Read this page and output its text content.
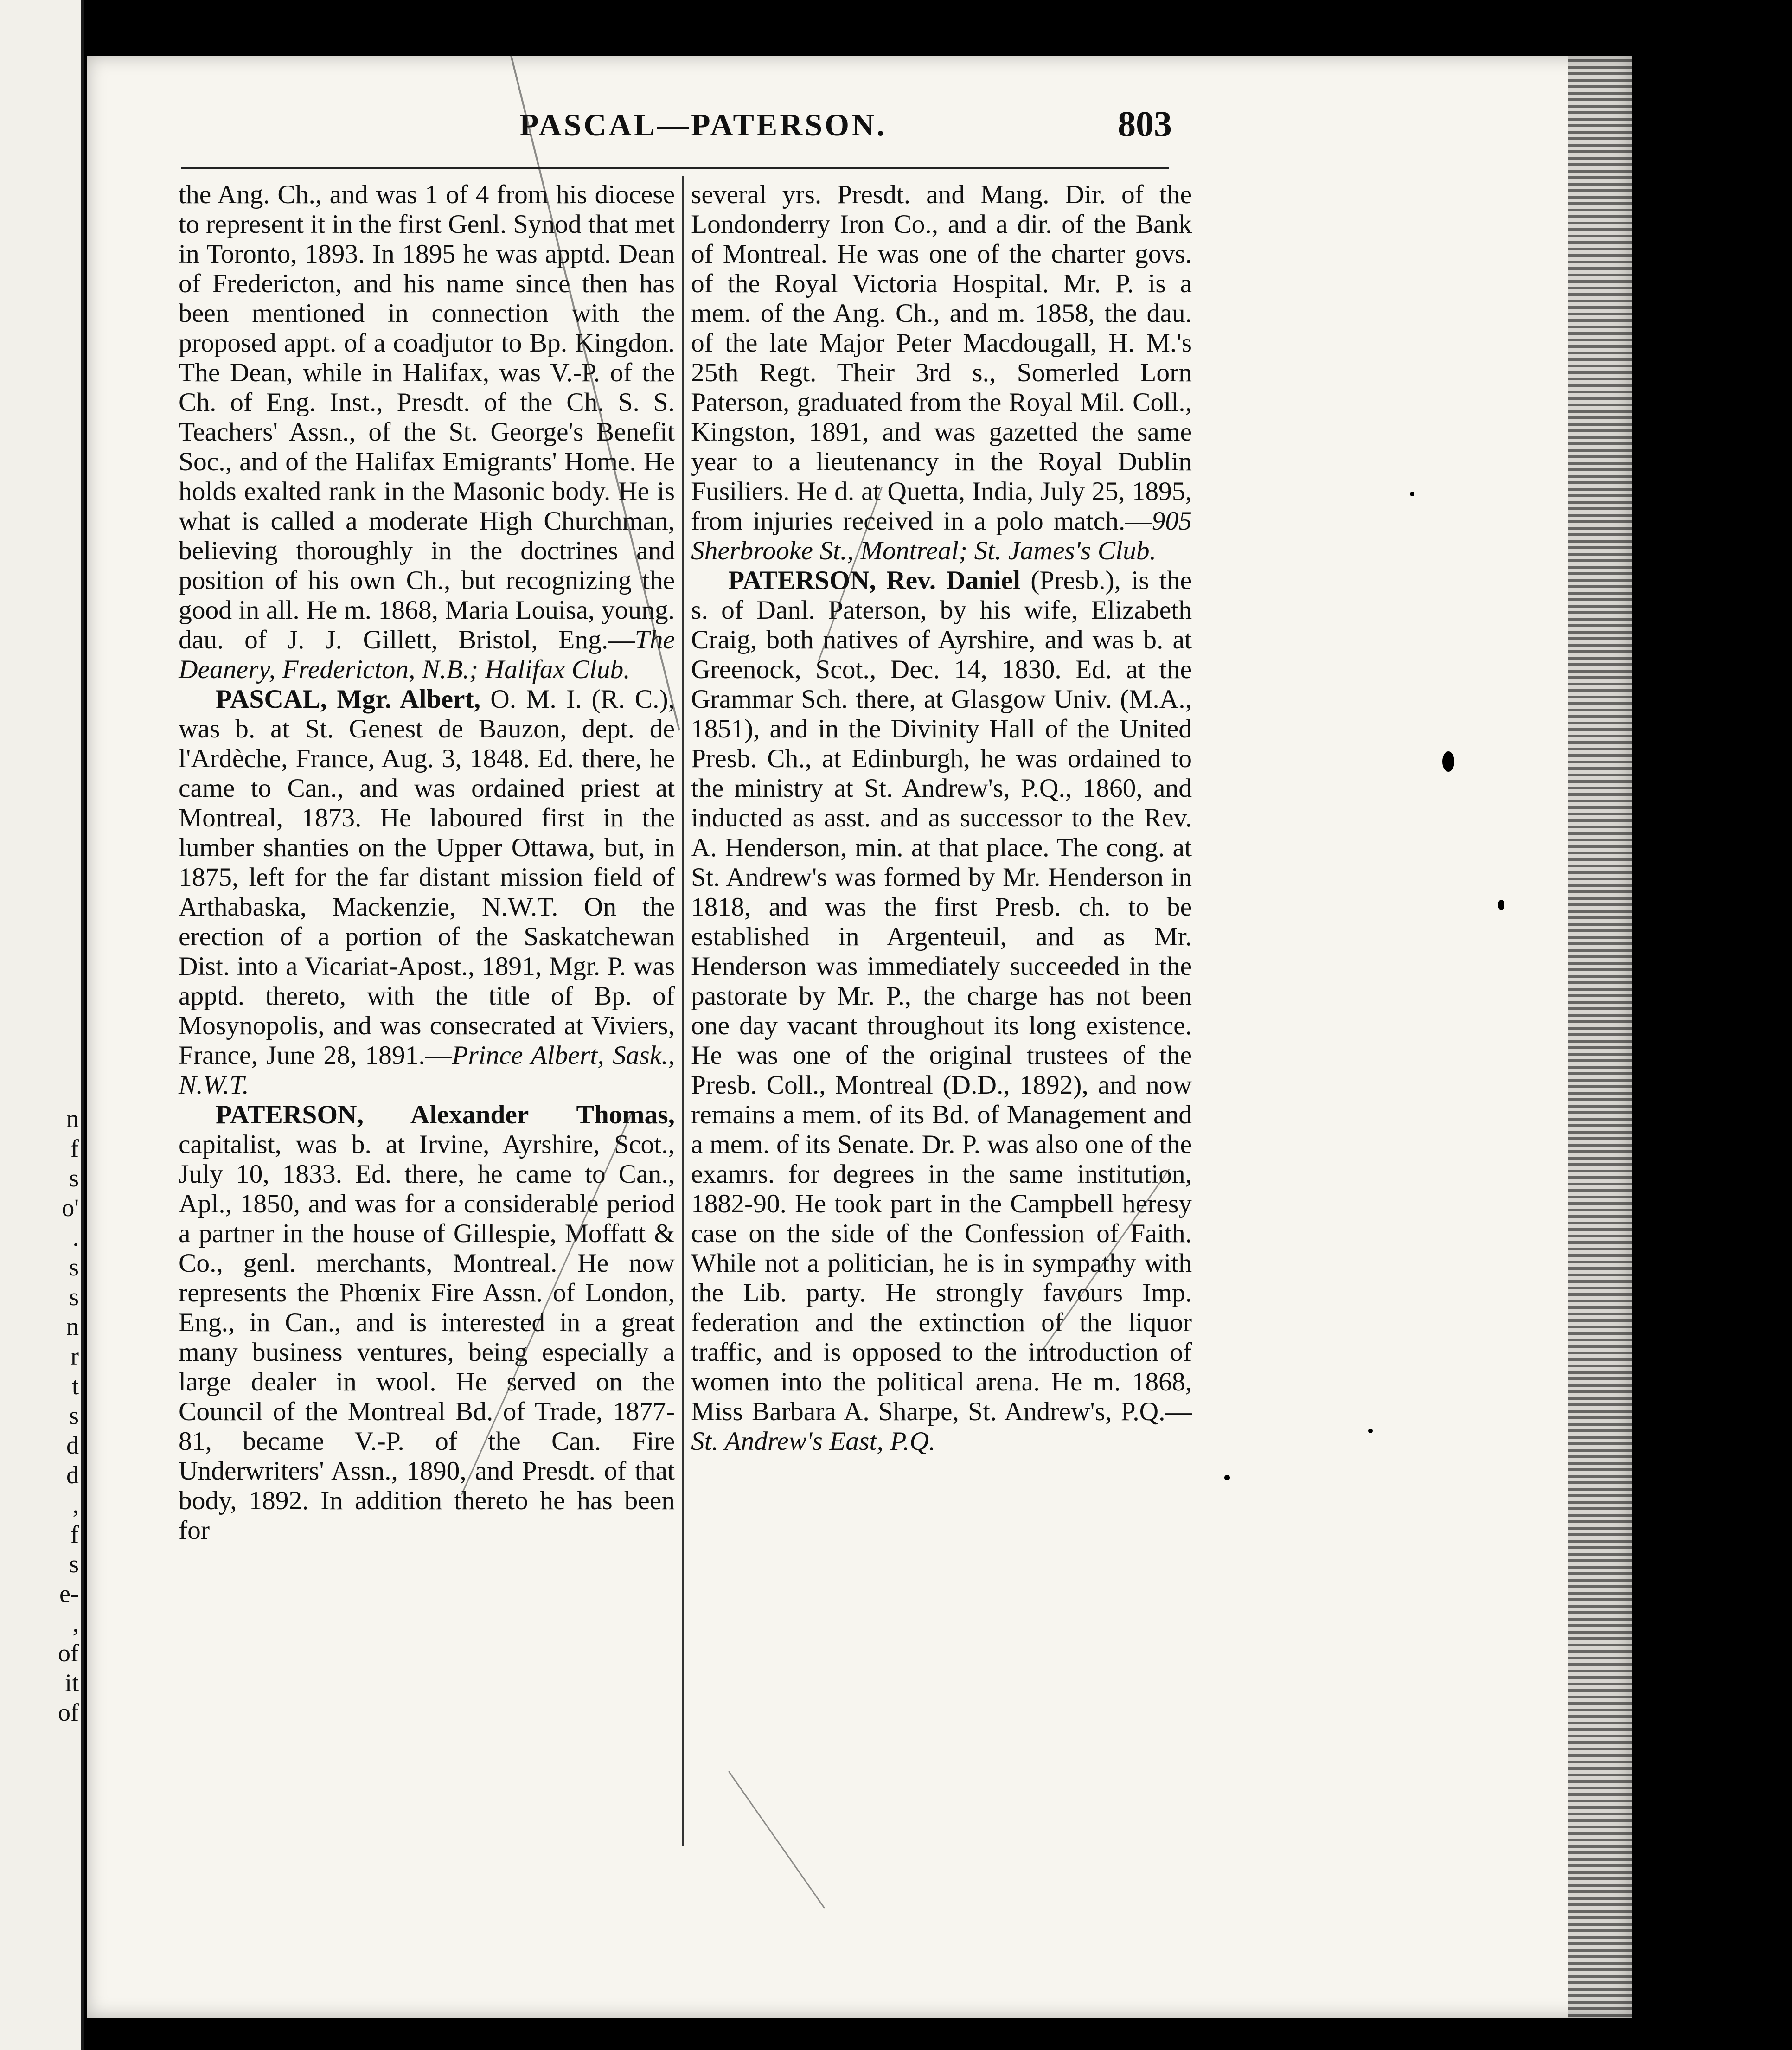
n
f
s
o'
.
s
s
n
r
t
s
d
d
,
f
s
e-
,
of
it
of
PASCAL—PATERSON.	803

the Ang. Ch., and was 1 of 4 from his diocese to represent it in the first Genl. Synod that met in Toronto, 1893. In 1895 he was apptd. Dean of Fredericton, and his name since then has been mentioned in connection with the proposed appt. of a coadjutor to Bp. Kingdon. The Dean, while in Halifax, was V.-P. of the Ch. of Eng. Inst., Presdt. of the Ch. S. S. Teachers' Assn., of the St. George's Benefit Soc., and of the Halifax Emigrants' Home. He holds exalted rank in the Masonic body. He is what is called a moderate High Churchman, believing thoroughly in the doctrines and position of his own Ch., but recognizing the good in all. He m. 1868, Maria Louisa, young. dau. of J. J. Gillett, Bristol, Eng.—The Deanery, Fredericton, N.B.; Halifax Club.

PASCAL, Mgr. Albert, O. M. I. (R. C.), was b. at St. Genest de Bauzon, dept. de l'Ardèche, France, Aug. 3, 1848. Ed. there, he came to Can., and was ordained priest at Montreal, 1873. He laboured first in the lumber shanties on the Upper Ottawa, but, in 1875, left for the far distant mission field of Arthabaska, Mackenzie, N.W.T. On the erection of a portion of the Saskatchewan Dist. into a Vicariat-Apost., 1891, Mgr. P. was apptd. thereto, with the title of Bp. of Mosynopolis, and was consecrated at Viviers, France, June 28, 1891.—Prince Albert, Sask., N.W.T.

PATERSON, Alexander Thomas, capitalist, was b. at Irvine, Ayrshire, Scot., July 10, 1833. Ed. there, he came to Can., Apl., 1850, and was for a considerable period a partner in the house of Gillespie, Moffatt & Co., genl. merchants, Montreal. He now represents the Phœnix Fire Assn. of London, Eng., in Can., and is interested in a great many business ventures, being especially a large dealer in wool. He served on the Council of the Montreal Bd. of Trade, 1877-81, became V.-P. of the Can. Fire Underwriters' Assn., 1890, and Presdt. of that body, 1892. In addition thereto he has been for

several yrs. Presdt. and Mang. Dir. of the Londonderry Iron Co., and a dir. of the Bank of Montreal. He was one of the charter govs. of the Royal Victoria Hospital. Mr. P. is a mem. of the Ang. Ch., and m. 1858, the dau. of the late Major Peter Macdougall, H. M.'s 25th Regt. Their 3rd s., Somerled Lorn Paterson, graduated from the Royal Mil. Coll., Kingston, 1891, and was gazetted the same year to a lieutenancy in the Royal Dublin Fusiliers. He d. at Quetta, India, July 25, 1895, from injuries received in a polo match.—905 Sherbrooke St., Montreal; St. James's Club.

PATERSON, Rev. Daniel (Presb.), is the s. of Danl. Paterson, by his wife, Elizabeth Craig, both natives of Ayrshire, and was b. at Greenock, Scot., Dec. 14, 1830. Ed. at the Grammar Sch. there, at Glasgow Univ. (M.A., 1851), and in the Divinity Hall of the United Presb. Ch., at Edinburgh, he was ordained to the ministry at St. Andrew's, P.Q., 1860, and inducted as asst. and as successor to the Rev. A. Henderson, min. at that place. The cong. at St. Andrew's was formed by Mr. Henderson in 1818, and was the first Presb. ch. to be established in Argenteuil, and as Mr. Henderson was immediately succeeded in the pastorate by Mr. P., the charge has not been one day vacant throughout its long existence. He was one of the original trustees of the Presb. Coll., Montreal (D.D., 1892), and now remains a mem. of its Bd. of Management and a mem. of its Senate. Dr. P. was also one of the examrs. for degrees in the same institution, 1882-90. He took part in the Campbell heresy case on the side of the Confession of Faith. While not a politician, he is in sympathy with the Lib. party. He strongly favours Imp. federation and the extinction of the liquor traffic, and is opposed to the introduction of women into the political arena. He m. 1868, Miss Barbara A. Sharpe, St. Andrew's, P.Q.—St. Andrew's East, P.Q.
